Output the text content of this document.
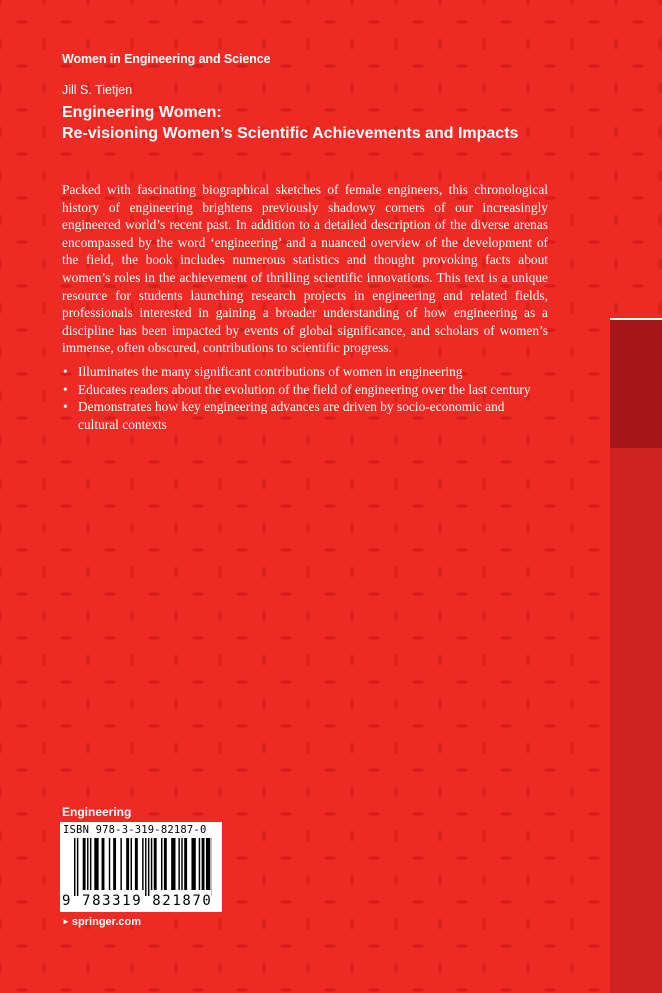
Women in Engineering and Science
Jill S. Tietjen
Engineering Women:
Re-visioning Women’s Scientific Achievements and Impacts

Packed with fascinating biographical sketches of female engineers, this chronological history of engineering brightens previously shadowy corners of our increasingly engineered world’s recent past. In addition to a detailed description of the diverse arenas encompassed by the word ‘engineering’ and a nuanced overview of the development of the field, the book includes numerous statistics and thought provoking facts about women’s roles in the achievement of thrilling scientific innovations. This text is a unique resource for students launching research projects in engineering and related fields, professionals interested in gaining a broader understanding of how engineering as a discipline has been impacted by events of global significance, and scholars of women’s immense, often obscured, contributions to scientific progress.

• Illuminates the many significant contributions of women in engineering
• Educates readers about the evolution of the field of engineering over the last century
• Demonstrates how key engineering advances are driven by socio-economic and cultural contexts
Engineering
ISBN 978-3-319-82187-0
9 783319 821870
► springer.com
